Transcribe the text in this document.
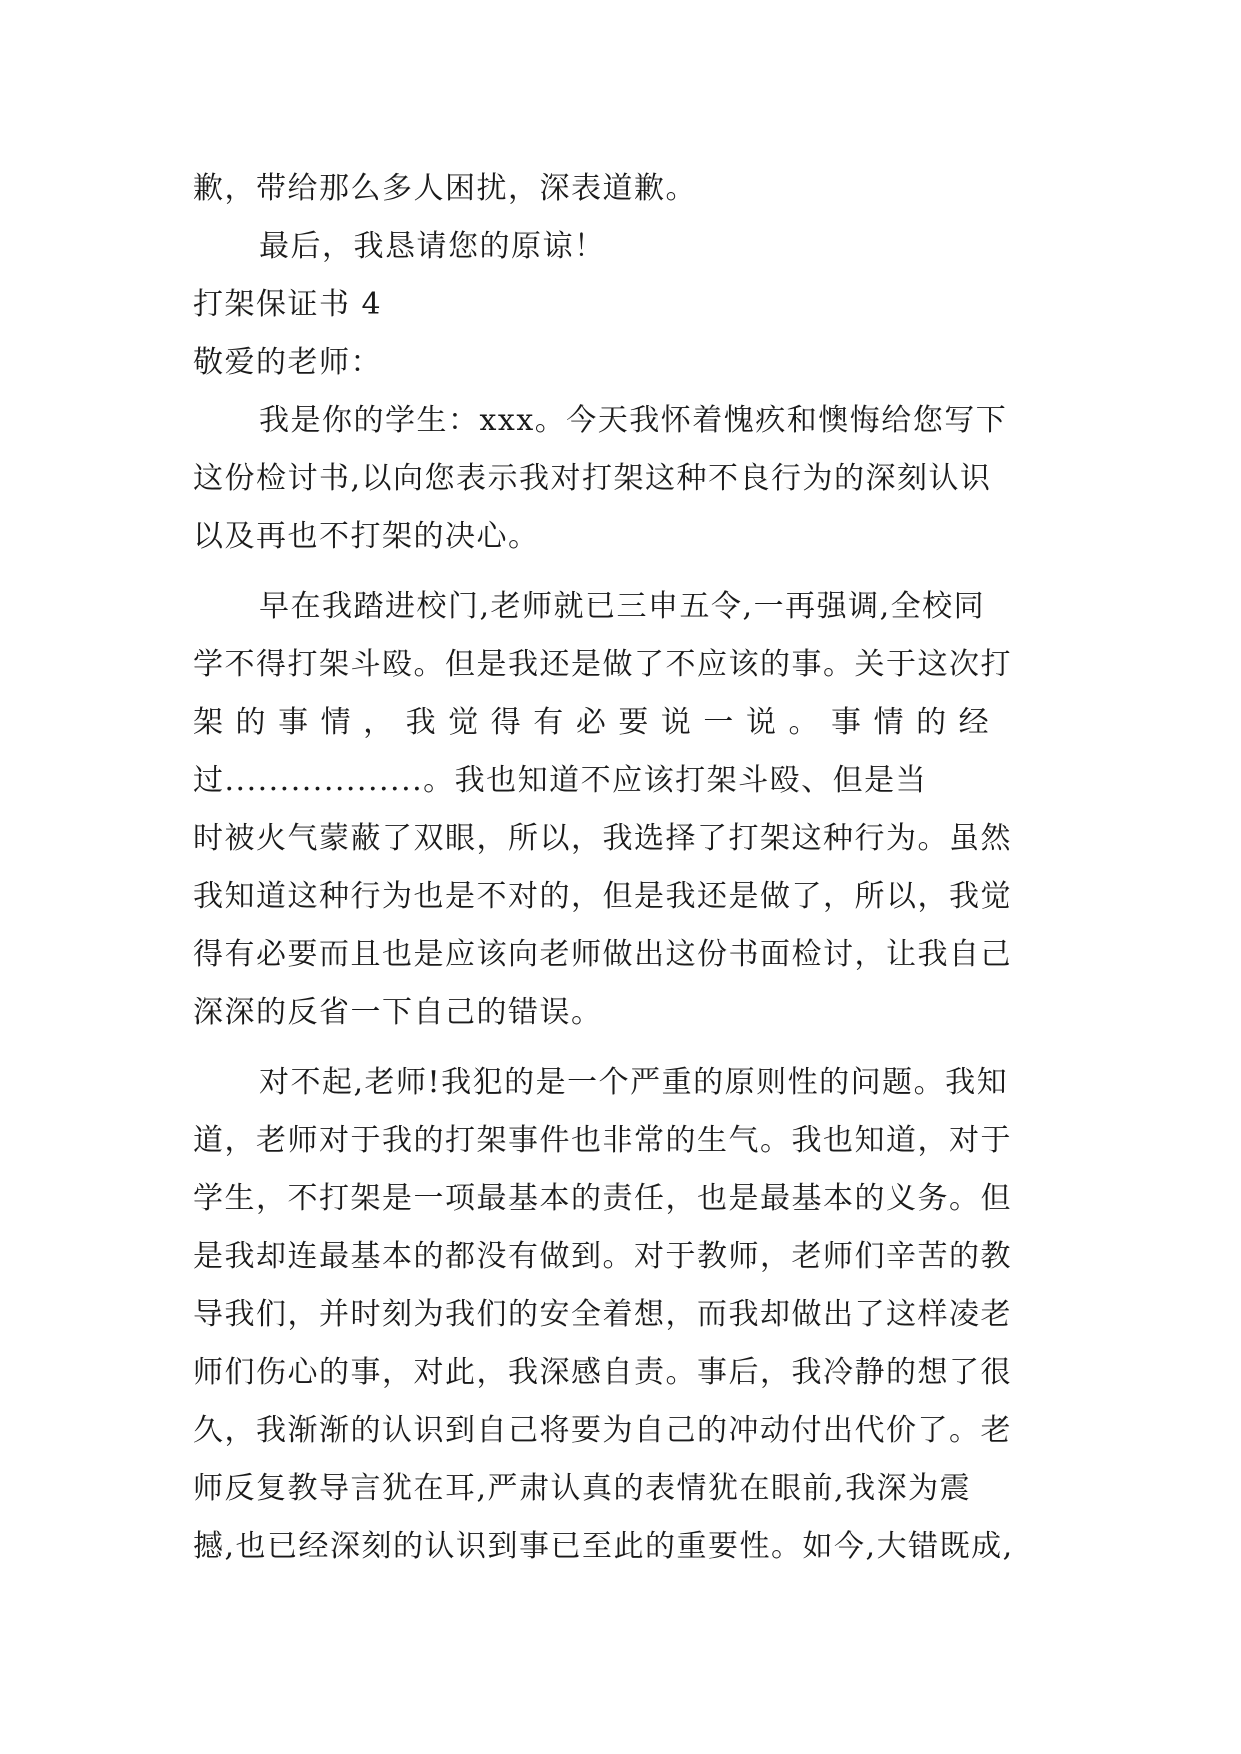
歉，带给那么多人困扰，深表道歉。
最后，我恳请您的原谅！
打架保证书 4
敬爱的老师：
我是你的学生：xxx。今天我怀着愧疚和懊悔给您写下
这份检讨书,以向您表示我对打架这种不良行为的深刻认识
以及再也不打架的决心。
早在我踏进校门,老师就已三申五令,一再强调,全校同
学不得打架斗殴。但是我还是做了不应该的事。关于这次打
架 的 事 情 ， 我 觉 得 有 必 要 说 一 说 。 事 情 的 经
过..................。我也知道不应该打架斗殴、但是当
时被火气蒙蔽了双眼，所以，我选择了打架这种行为。虽然
我知道这种行为也是不对的，但是我还是做了，所以，我觉
得有必要而且也是应该向老师做出这份书面检讨，让我自己
深深的反省一下自己的错误。
对不起,老师!我犯的是一个严重的原则性的问题。我知
道，老师对于我的打架事件也非常的生气。我也知道，对于
学生，不打架是一项最基本的责任，也是最基本的义务。但
是我却连最基本的都没有做到。对于教师，老师们辛苦的教
导我们，并时刻为我们的安全着想，而我却做出了这样凌老
师们伤心的事，对此，我深感自责。事后，我冷静的想了很
久，我渐渐的认识到自己将要为自己的冲动付出代价了。老
师反复教导言犹在耳,严肃认真的表情犹在眼前,我深为震
撼,也已经深刻的认识到事已至此的重要性。如今,大错既成,
